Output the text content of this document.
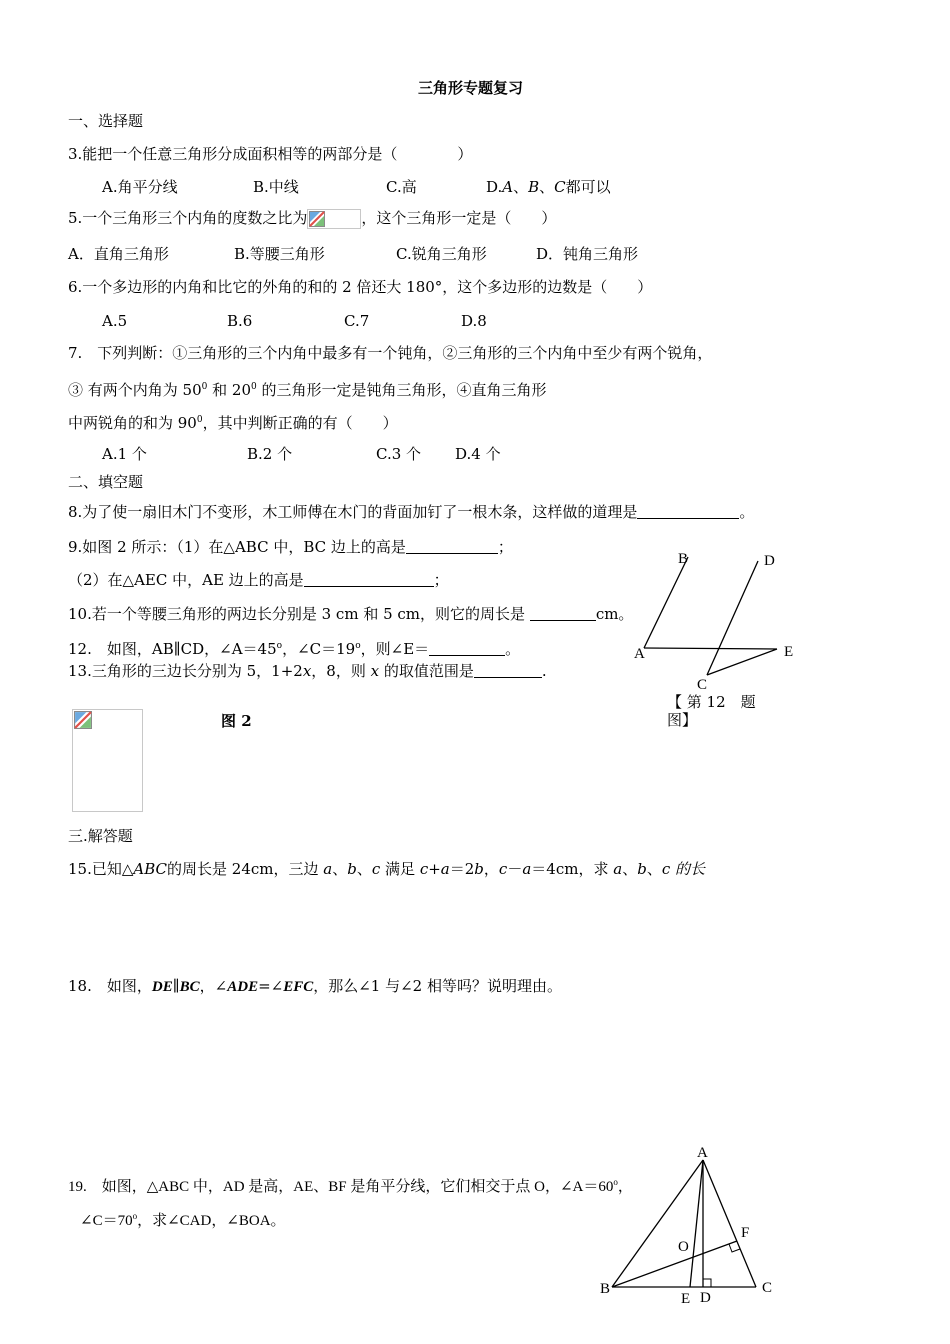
三角形专题复习
一、选择题
3.能把一个任意三角形分成面积相等的两部分是（　　　　）
A.角平分线	B.中线	C.高	D.A、B、C都可以
5.一个三角形三个内角的度数之比为	，这个三角形一定是（　　）
A．直角三角形	B.等腰三角形	C.锐角三角形	D．钝角三角形
6.一个多边形的内角和比它的外角的和的 2 倍还大 180°，这个多边形的边数是（　　）
A.5	B.6	C.7	D.8
7.　下列判断：①三角形的三个内角中最多有一个钝角，②三角形的三个内角中至少有两个锐角，
③ 有两个内角为 $50^0$ 和 $20^0$ 的三角形一定是钝角三角形，④直角三角形
中两锐角的和为 $90^0$，其中判断正确的有（　　）
A.1 个	B.2 个	C.3 个 D.4 个
二、填空题
8.为了使一扇旧木门不变形，木工师傅在木门的背面加钉了一根木条，这样做的道理是	。
9.如图 2 所示：（1）在△ABC 中，BC 边上的高是	；
（2）在△AEC 中，AE 边上的高是	；
10.若一个等腰三角形的两边长分别是 3 cm 和 5 cm，则它的周长是	cm。
12.　如图，AB∥CD，$\angle A=45^o$，$\angle C=19^o$，则∠E＝	。
13.三角形的三边长分别为 5，1+2x，8，则 x 的取值范围是	.
B	D
A	E
C
【 第 12　题
图】
图 2
三.解答题
15.已知△ABC的周长是 24cm，三边 a、b、c 满足 c+a＝2b，c－a＝4cm，求 a、b、c 的长
18.　如图，DE∥BC，∠ADE=∠EFC，那么∠1 与∠2 相等吗？说明理由。
19.　如图，△ABC 中，AD 是高，AE、BF 是角平分线，它们相交于点 O，$\angle A=60^o$，
$\angle C=70^o$，求∠CAD，∠BOA。
A
B	C
D
E
F
O
